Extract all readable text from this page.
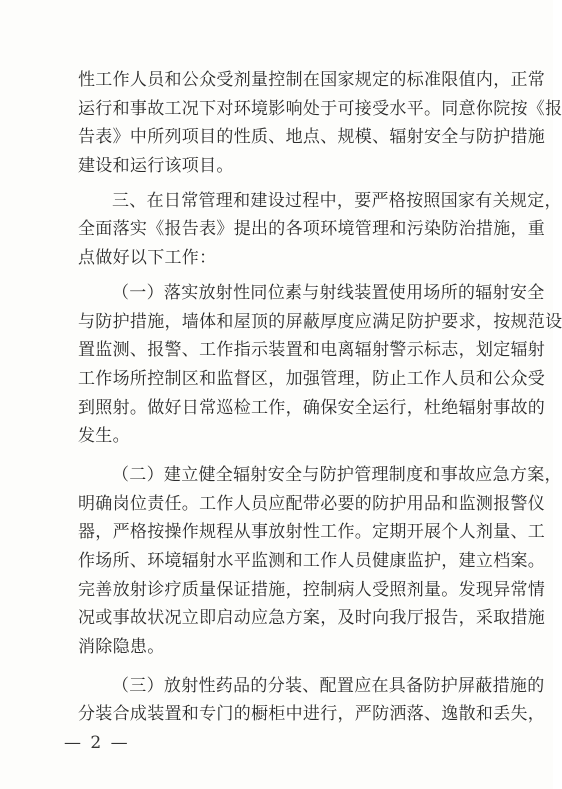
性工作人员和公众受剂量控制在国家规定的标准限值内，正常
运行和事故工况下对环境影响处于可接受水平。同意你院按《报
告表》中所列项目的性质、地点、规模、辐射安全与防护措施
建设和运行该项目。
三、在日常管理和建设过程中，要严格按照国家有关规定，
全面落实《报告表》提出的各项环境管理和污染防治措施，重
点做好以下工作：
（一）落实放射性同位素与射线装置使用场所的辐射安全
与防护措施，墙体和屋顶的屏蔽厚度应满足防护要求，按规范设
置监测、报警、工作指示装置和电离辐射警示标志，划定辐射
工作场所控制区和监督区，加强管理，防止工作人员和公众受
到照射。做好日常巡检工作，确保安全运行，杜绝辐射事故的
发生。
（二）建立健全辐射安全与防护管理制度和事故应急方案，
明确岗位责任。工作人员应配带必要的防护用品和监测报警仪
器，严格按操作规程从事放射性工作。定期开展个人剂量、工
作场所、环境辐射水平监测和工作人员健康监护，建立档案。
完善放射诊疗质量保证措施，控制病人受照剂量。发现异常情
况或事故状况立即启动应急方案，及时向我厅报告，采取措施
消除隐患。
（三）放射性药品的分装、配置应在具备防护屏蔽措施的
分装合成装置和专门的橱柜中进行，严防洒落、逸散和丢失，
— 2 —
